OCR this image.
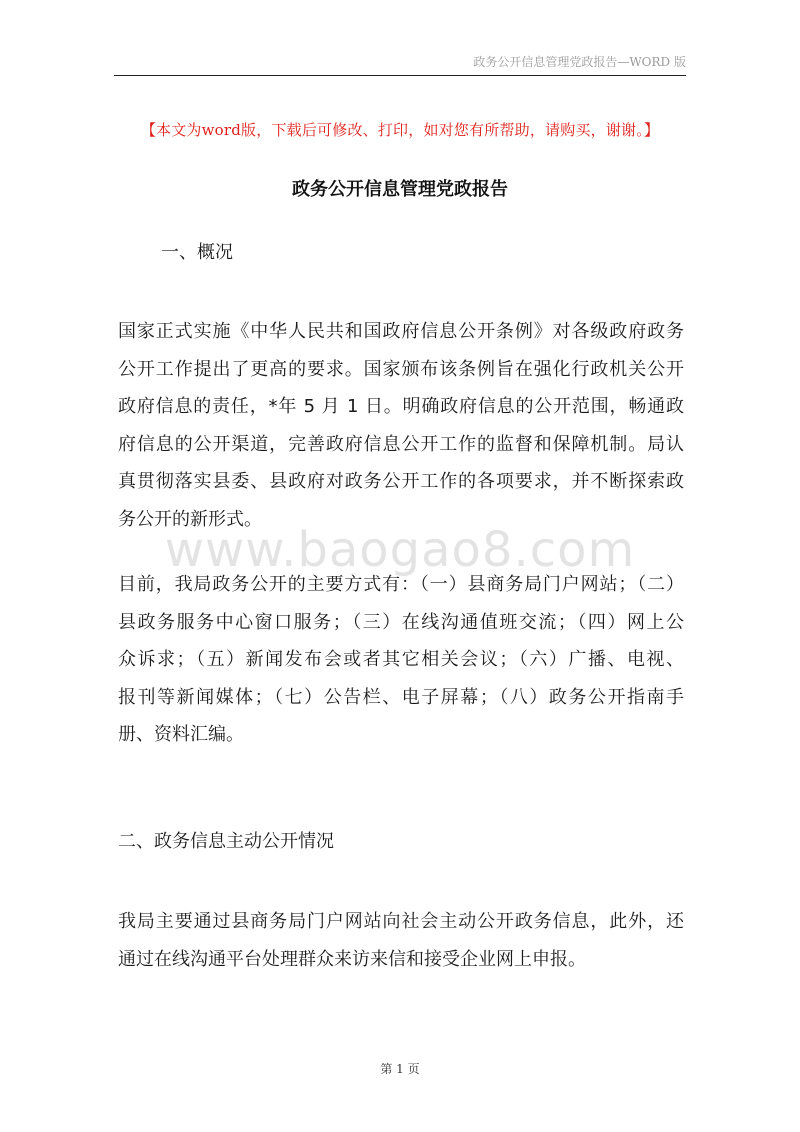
政务公开信息管理党政报告—WORD 版
【本文为word版，下载后可修改、打印，如对您有所帮助，请购买，谢谢。】
政务公开信息管理党政报告
一、概况
国家正式实施《中华人民共和国政府信息公开条例》对各级政府政务
公开工作提出了更高的要求。国家颁布该条例旨在强化行政机关公开
政府信息的责任，*年 5 月 1 日。明确政府信息的公开范围，畅通政
府信息的公开渠道，完善政府信息公开工作的监督和保障机制。局认
真贯彻落实县委、县政府对政务公开工作的各项要求，并不断探索政
务公开的新形式。
目前，我局政务公开的主要方式有：（一）县商务局门户网站；（二）
县政务服务中心窗口服务；（三）在线沟通值班交流；（四）网上公
众诉求；（五）新闻发布会或者其它相关会议；（六）广播、电视、
报刊等新闻媒体；（七）公告栏、电子屏幕；（八）政务公开指南手
册、资料汇编。
二、政务信息主动公开情况
我局主要通过县商务局门户网站向社会主动公开政务信息，此外，还
通过在线沟通平台处理群众来访来信和接受企业网上申报。
www.baogao8.com
第 1 页
